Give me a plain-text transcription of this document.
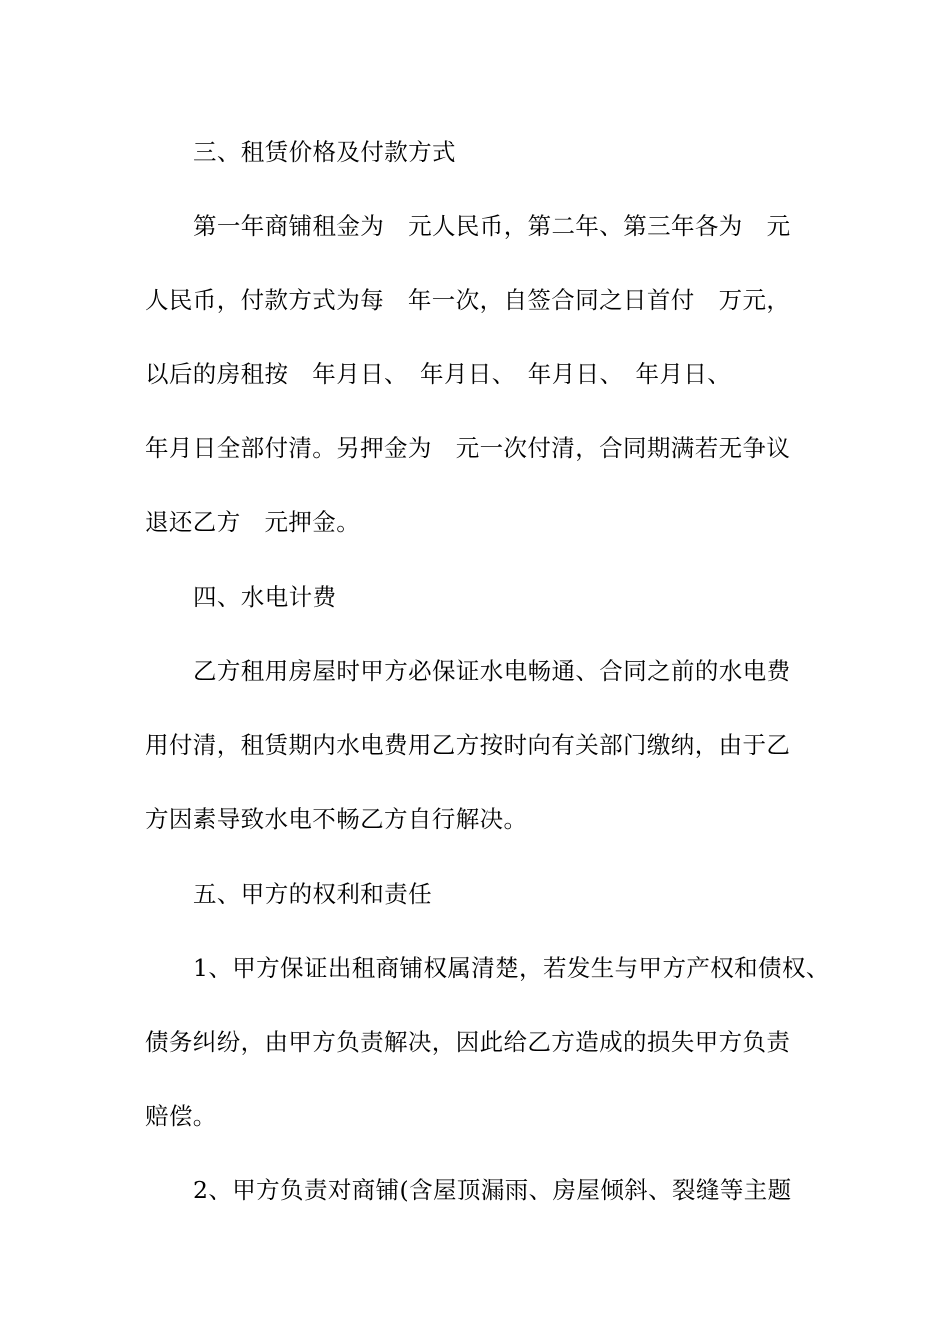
三、租赁价格及付款方式
第一年商铺租金为　元人民币，第二年、第三年各为　元
人民币，付款方式为每　年一次，自签合同之日首付　万元，
以后的房租按　年月日、　年月日、　年月日、　年月日、
年月日全部付清。另押金为　元一次付清，合同期满若无争议
退还乙方　元押金。
四、水电计费
乙方租用房屋时甲方必保证水电畅通、合同之前的水电费
用付清，租赁期内水电费用乙方按时向有关部门缴纳，由于乙
方因素导致水电不畅乙方自行解决。
五、甲方的权利和责任
1、甲方保证出租商铺权属清楚，若发生与甲方产权和债权、
债务纠纷，由甲方负责解决，因此给乙方造成的损失甲方负责
赔偿。
2、甲方负责对商铺(含屋顶漏雨、房屋倾斜、裂缝等主题
